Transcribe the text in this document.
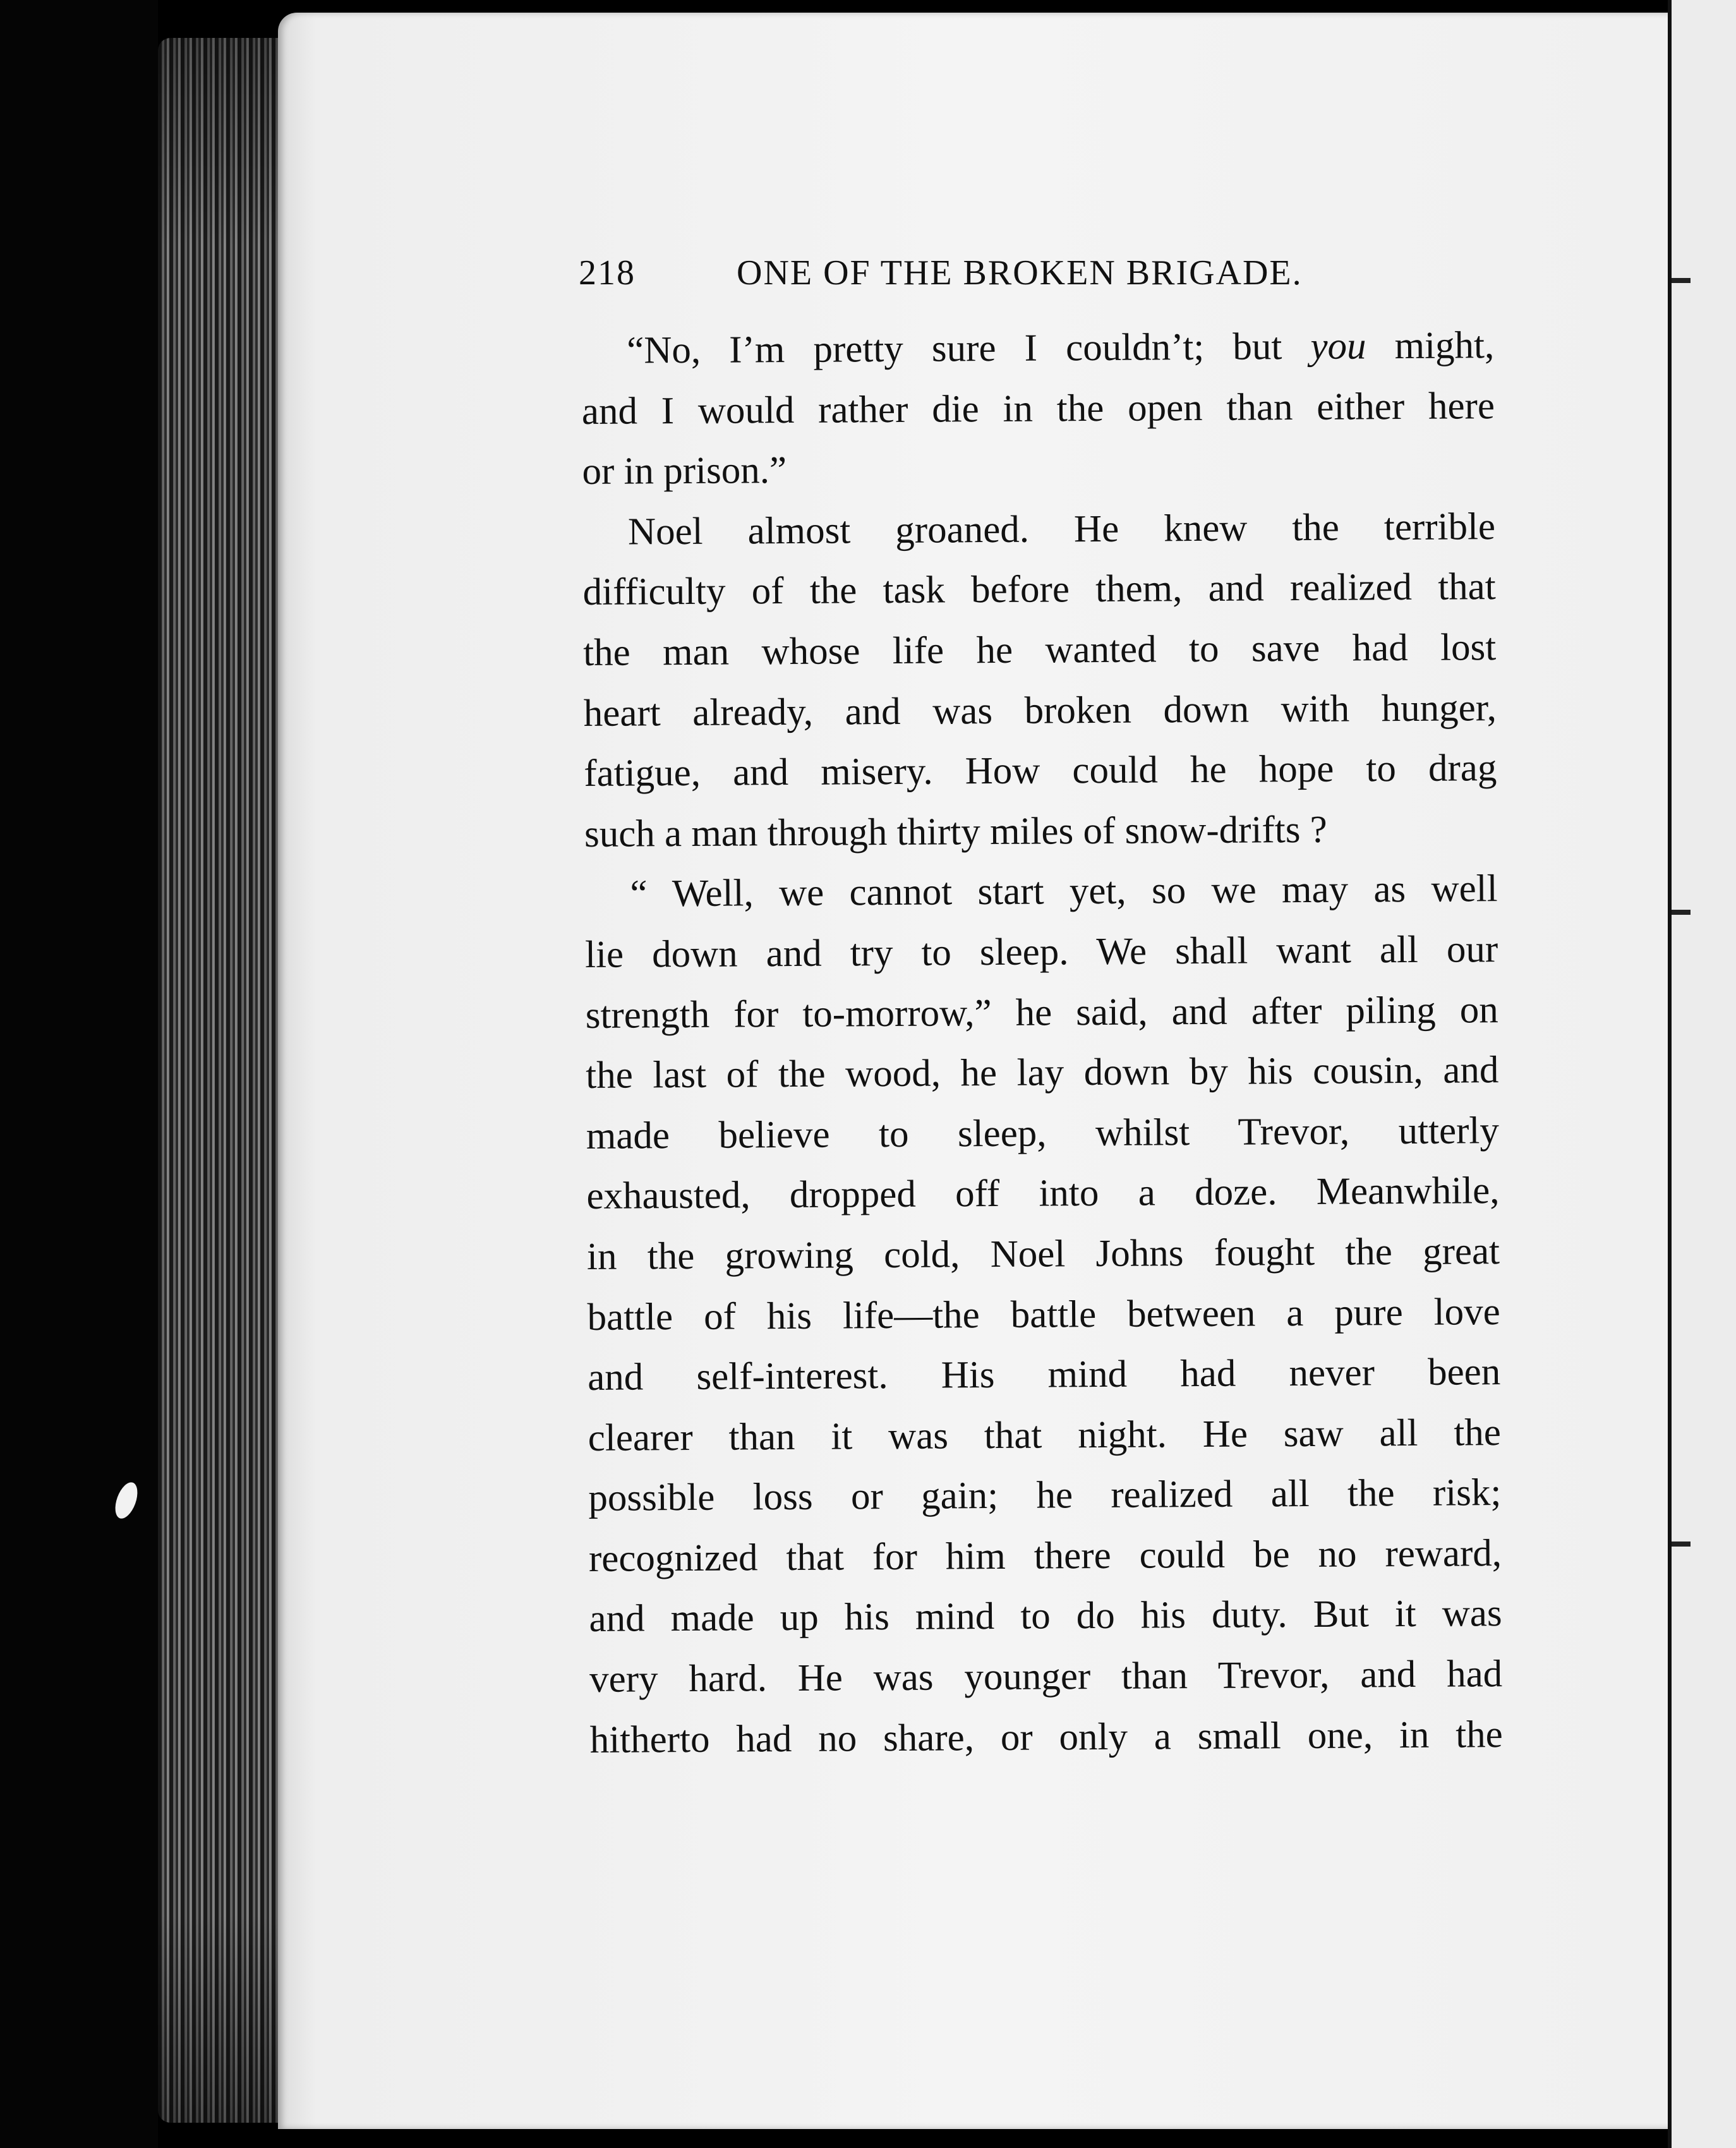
218	ONE OF THE BROKEN BRIGADE.
“No, I’m pretty sure I couldn’t; but you might,
and I would rather die in the open than either here
or in prison.”
Noel almost groaned. He knew the terrible
difficulty of the task before them, and realized that
the man whose life he wanted to save had lost
heart already, and was broken down with hunger,
fatigue, and misery. How could he hope to drag
such a man through thirty miles of snow-drifts ?
“ Well, we cannot start yet, so we may as well
lie down and try to sleep. We shall want all our
strength for to-morrow,” he said, and after piling on
the last of the wood, he lay down by his cousin, and
made believe to sleep, whilst Trevor, utterly
exhausted, dropped off into a doze. Meanwhile,
in the growing cold, Noel Johns fought the great
battle of his life—the battle between a pure love
and self-interest. His mind had never been
clearer than it was that night. He saw all the
possible loss or gain; he realized all the risk;
recognized that for him there could be no reward,
and made up his mind to do his duty. But it was
very hard. He was younger than Trevor, and had
hitherto had no share, or only a small one, in the
